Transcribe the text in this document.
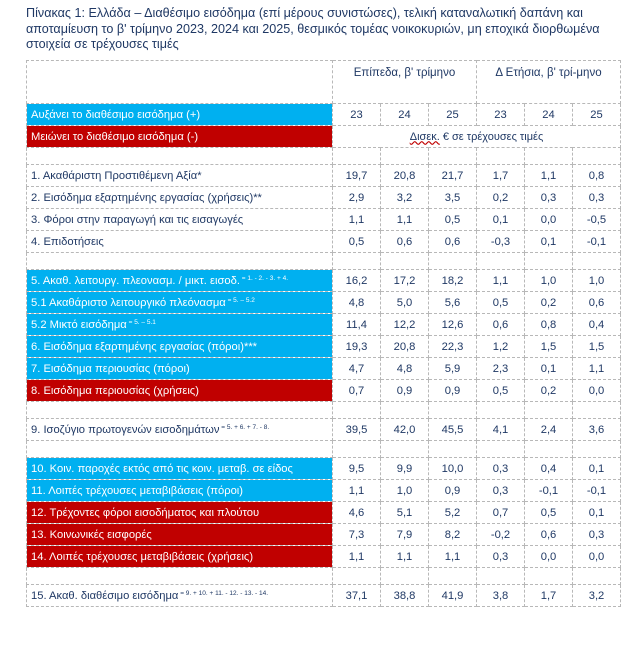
Πίνακας 1: Ελλάδα – Διαθέσιμο εισόδημα (επί μέρους συνιστώσες), τελική καταναλωτική δαπάνη και αποταμίευση το β' τρίμηνο 2023, 2024 και 2025, θεσμικός τομέας νοικοκυριών, μη εποχικά διορθωμένα στοιχεία σε τρέχουσες τιμές
	Επίπεδα, β' τρίμηνο			Δ Ετήσια, β' τρί-μηνο		
Αυξάνει το διαθέσιμο εισόδημα (+)	23	24	25	23	24	25
Μειώνει το διαθέσιμο εισόδημα (-)	Δισεκ. € σε τρέχουσες τιμές					

1. Ακαθάριστη Προστιθέμενη Αξία*	19,7	20,8	21,7	1,7	1,1	0,8
2. Εισόδημα εξαρτημένης εργασίας (χρήσεις)**	2,9	3,2	3,5	0,2	0,3	0,3
3. Φόροι στην παραγωγή και τις εισαγωγές	1,1	1,1	0,5	0,1	0,0	-0,5
4. Επιδοτήσεις	0,5	0,6	0,6	-0,3	0,1	-0,1

5. Ακαθ. λειτουργ. πλεονασμ. / μικτ. εισοδ. $^{= 1. - 2. - 3. + 4.}$	16,2	17,2	18,2	1,1	1,0	1,0
5.1 Ακαθάριστο λειτουργικό πλεόνασμα $^{= 5. - 5.2}$	4,8	5,0	5,6	0,5	0,2	0,6
5.2 Μικτό εισόδημα $^{= 5. - 5.1}$	11,4	12,2	12,6	0,6	0,8	0,4
6. Εισόδημα εξαρτημένης εργασίας (πόροι)***	19,3	20,8	22,3	1,2	1,5	1,5
7. Εισόδημα περιουσίας (πόροι)	4,7	4,8	5,9	2,3	0,1	1,1
8. Εισόδημα περιουσίας (χρήσεις)	0,7	0,9	0,9	0,5	0,2	0,0

9. Ισοζύγιο πρωτογενών εισοδημάτων $^{= 5. + 6. + 7. - 8.}$	39,5	42,0	45,5	4,1	2,4	3,6

10. Κοιν. παροχές εκτός από τις κοιν. μεταβ. σε είδος	9,5	9,9	10,0	0,3	0,4	0,1
11. Λοιπές τρέχουσες μεταβιβάσεις (πόροι)	1,1	1,0	0,9	0,3	-0,1	-0,1
12. Τρέχοντες φόροι εισοδήματος και πλούτου	4,6	5,1	5,2	0,7	0,5	0,1
13. Κοινωνικές εισφορές	7,3	7,9	8,2	-0,2	0,6	0,3
14. Λοιπές τρέχουσες μεταβιβάσεις (χρήσεις)	1,1	1,1	1,1	0,3	0,0	0,0

15. Ακαθ. διαθέσιμο εισόδημα $^{= 9. + 10. + 11. - 12. - 13. - 14.}$	37,1	38,8	41,9	3,8	1,7	3,2
